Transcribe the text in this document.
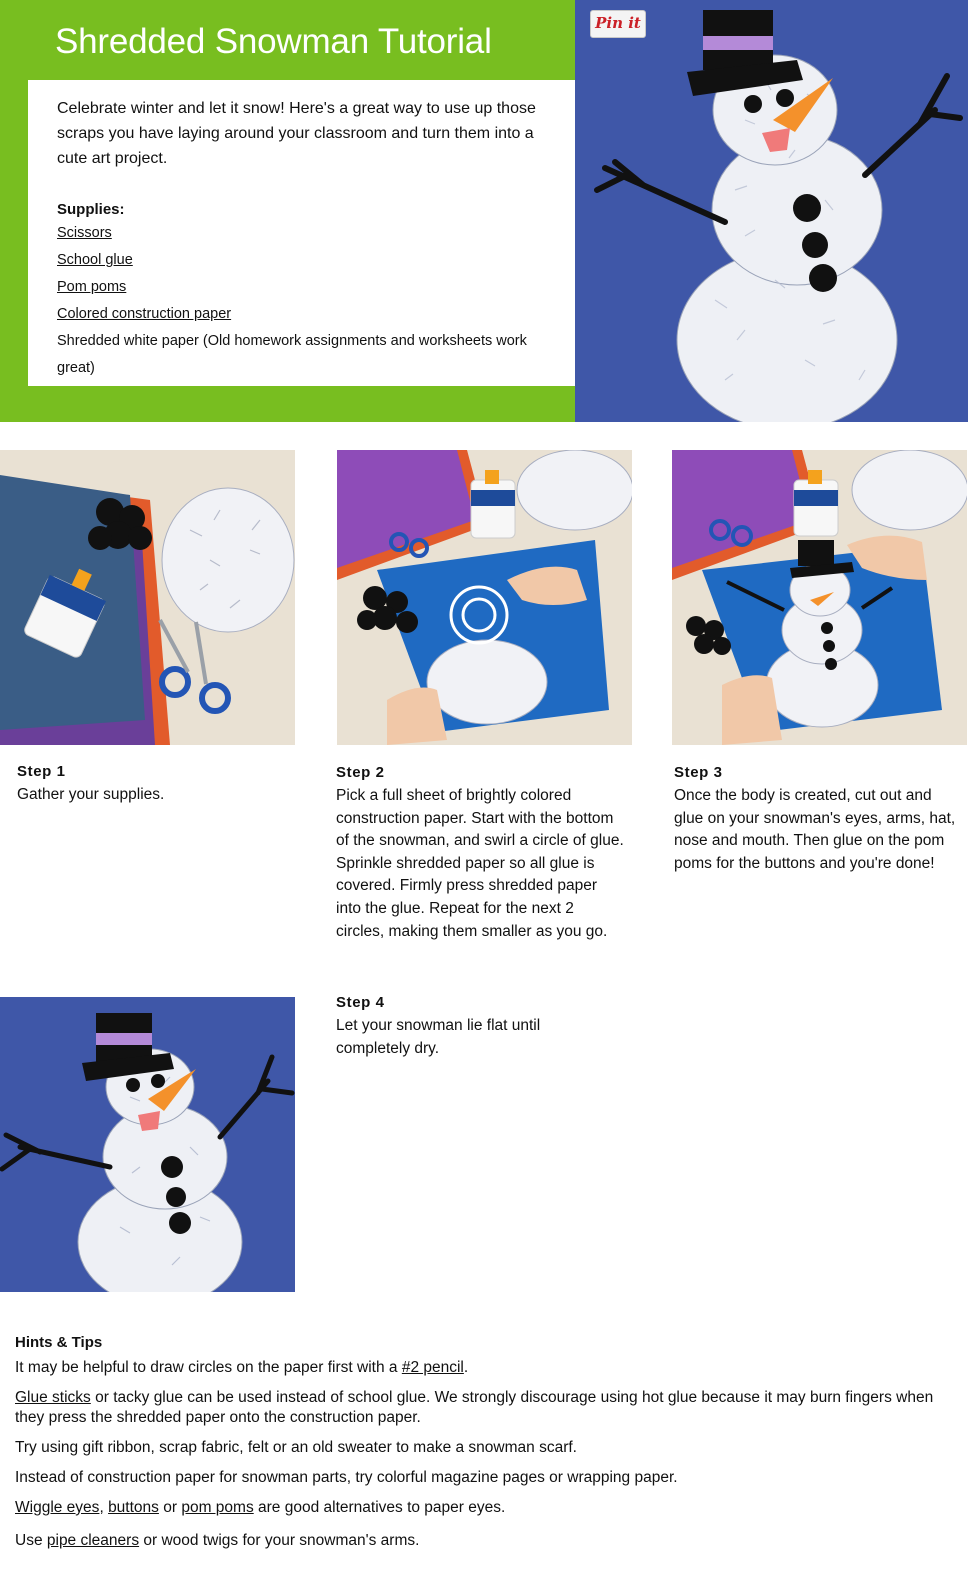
Shredded Snowman Tutorial

Celebrate winter and let it snow! Here's a great way to use up those scraps you have laying around your classroom and turn them into a cute art project.

Supplies:
Scissors
School glue
Pom poms
Colored construction paper
Shredded white paper (Old homework assignments and worksheets work great)
Pin it
Step 1
Gather your supplies.
Step 2
Pick a full sheet of brightly colored construction paper. Start with the bottom of the snowman, and swirl a circle of glue. Sprinkle shredded paper so all glue is covered. Firmly press shredded paper into the glue. Repeat for the next 2 circles, making them smaller as you go.
Step 3
Once the body is created, cut out and glue on your snowman's eyes, arms, hat, nose and mouth. Then glue on the pom poms for the buttons and you're done!
Step 4
Let your snowman lie flat until completely dry.
Hints & Tips

It may be helpful to draw circles on the paper first with a #2 pencil.

Glue sticks or tacky glue can be used instead of school glue. We strongly discourage using hot glue because it may burn fingers when they press the shredded paper onto the construction paper.

Try using gift ribbon, scrap fabric, felt or an old sweater to make a snowman scarf.

Instead of construction paper for snowman parts, try colorful magazine pages or wrapping paper.

Wiggle eyes, buttons or pom poms are good alternatives to paper eyes.

Use pipe cleaners or wood twigs for your snowman's arms.
